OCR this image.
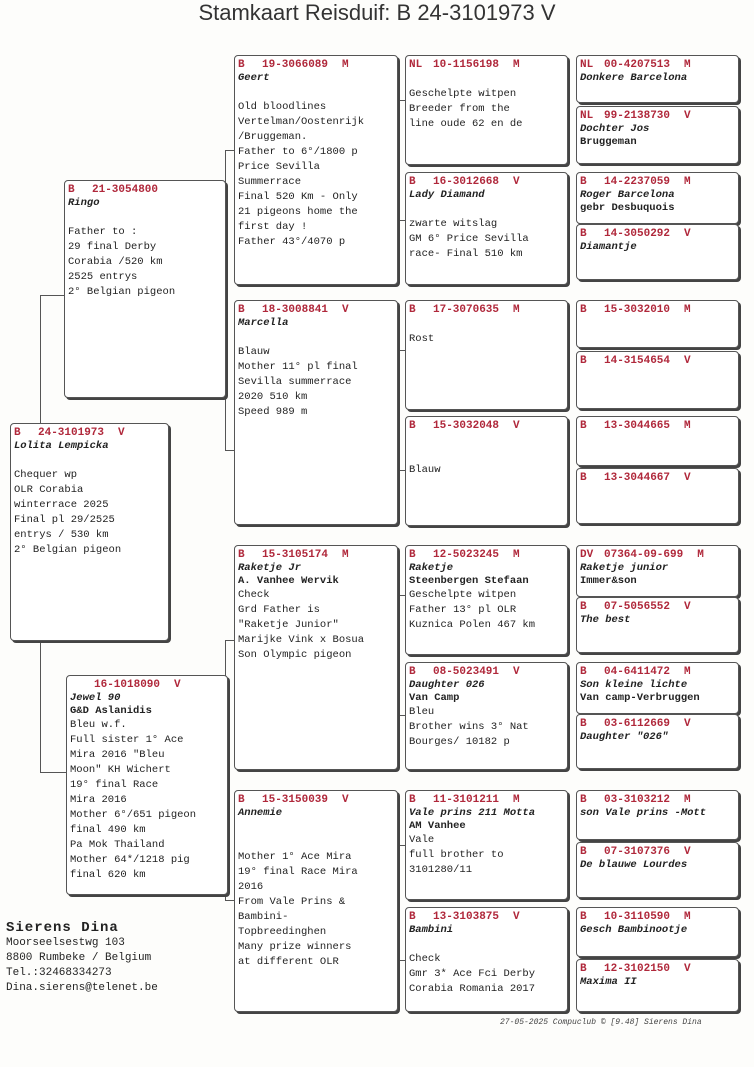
Stamkaart Reisduif: B 24-3101973 V
B 24-3101973 V
Lolita Lempicka

Chequer wp
OLR Corabia
winterrace 2025
Final pl 29/2525
entrys / 530 km
2° Belgian pigeon
B 21-3054800
Ringo

Father to :
29 final Derby
Corabia /520 km
2525 entrys
2° Belgian pigeon
16-1018090 V
Jewel 90
G&D Aslanidis
Bleu w.f.
Full sister 1° Ace
Mira 2016 "Bleu
Moon" KH Wichert
19° final Race
Mira 2016
Mother 6°/651 pigeon
final 490 km
Pa Mok Thailand
Mother 64*/1218 pig
final 620 km
B 19-3066089 M
Geert

Old bloodlines
Vertelman/Oostenrijk
/Bruggeman.
Father to 6°/1800 p
Price Sevilla
Summerrace
Final 520 Km - Only
21 pigeons home the
first day !
Father 43°/4070 p
B 18-3008841 V
Marcella

Blauw
Mother 11° pl final
Sevilla summerrace
2020 510 km
Speed 989 m
B 15-3105174 M
Raketje Jr
A. Vanhee Wervik
Check
Grd Father is
"Raketje Junior"
Marijke Vink x Bosua
Son Olympic pigeon
B 15-3150039 V
Annemie

Mother 1° Ace Mira
19° final Race Mira
2016
From Vale Prins &
Bambini-
Topbreedinghen
Many prize winners
at different OLR
NL 10-1156198 M

Geschelpte witpen
Breeder from the
line oude 62 en de
B 16-3012668 V
Lady Diamand

zwarte witslag
GM 6° Price Sevilla
race- Final 510 km
B 17-3070635 M

Rost
B 15-3032048 V

Blauw
B 12-5023245 M
Raketje
Steenbergen Stefaan
Geschelpte witpen
Father 13° pl OLR
Kuznica Polen 467 km
B 08-5023491 V
Daughter 026
Van Camp
Bleu
Brother wins 3° Nat
Bourges/ 10182 p
B 11-3101211 M
Vale prins 211 Motta
AM Vanhee
Vale
full brother to
3101280/11
B 13-3103875 V
Bambini

Check
Gmr 3* Ace Fci Derby
Corabia Romania 2017
NL 00-4207513 M
Donkere Barcelona
NL 99-2138730 V
Dochter Jos
Bruggeman
B 14-2237059 M
Roger Barcelona
gebr Desbuquois
B 14-3050292 V
Diamantje
B 15-3032010 M
B 14-3154654 V
B 13-3044665 M
B 13-3044667 V
DV 07364-09-699 M
Raketje junior
Immer&son
B 07-5056552 V
The best
B 04-6411472 M
Son kleine lichte
Van camp-Verbruggen
B 03-6112669 V
Daughter "026"
B 03-3103212 M
son Vale prins -Mott
B 07-3107376 V
De blauwe Lourdes
B 10-3110590 M
Gesch Bambinootje
B 12-3102150 V
Maxima II
Sierens Dina
Moorseelsestwg 103
8800 Rumbeke / Belgium
Tel.:32468334273
Dina.sierens@telenet.be
27-05-2025 Compuclub © [9.48] Sierens Dina
